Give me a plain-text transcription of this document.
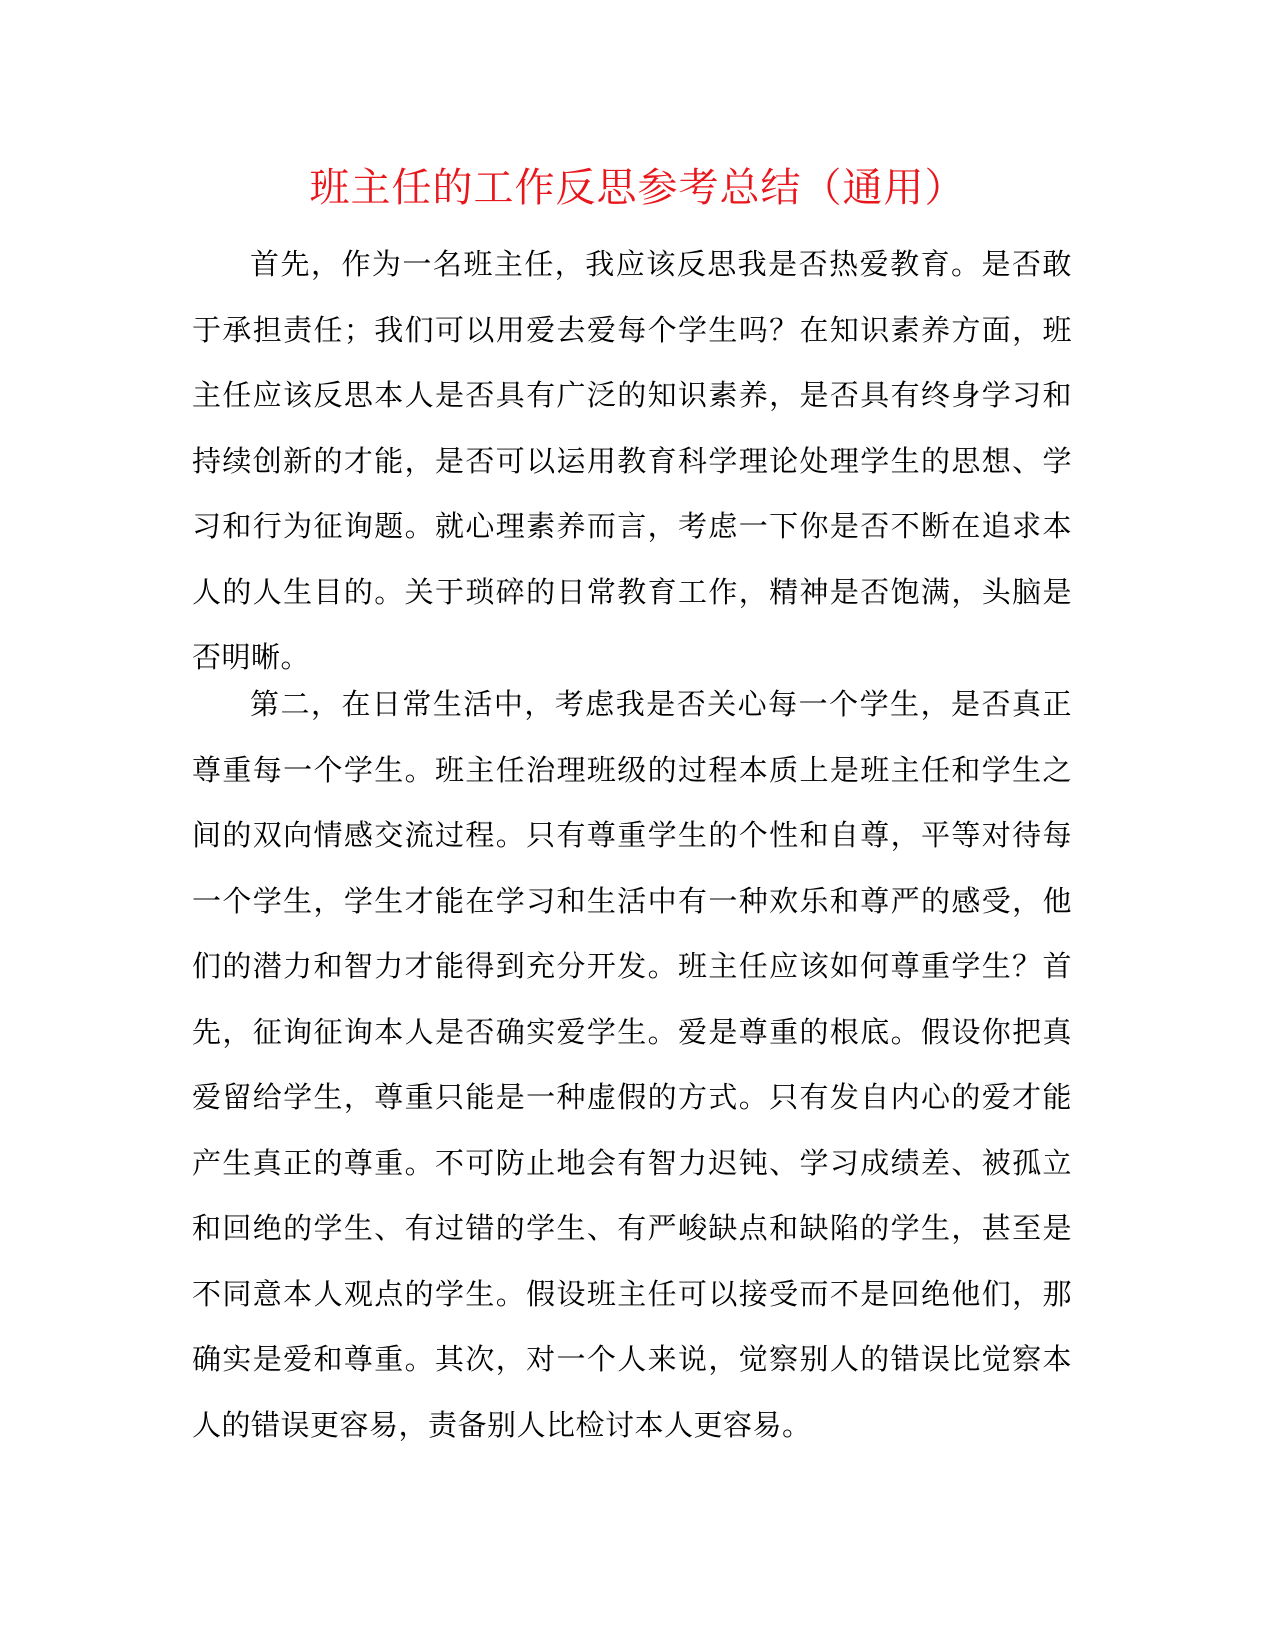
班主任的工作反思参考总结（通用）

首先，作为一名班主任，我应该反思我是否热爱教育。是否敢于承担责任；我们可以用爱去爱每个学生吗？在知识素养方面，班主任应该反思本人是否具有广泛的知识素养，是否具有终身学习和持续创新的才能，是否可以运用教育科学理论处理学生的思想、学习和行为征询题。就心理素养而言，考虑一下你是否不断在追求本人的人生目的。关于琐碎的日常教育工作，精神是否饱满，头脑是否明晰。

第二，在日常生活中，考虑我是否关心每一个学生，是否真正尊重每一个学生。班主任治理班级的过程本质上是班主任和学生之间的双向情感交流过程。只有尊重学生的个性和自尊，平等对待每一个学生，学生才能在学习和生活中有一种欢乐和尊严的感受，他们的潜力和智力才能得到充分开发。班主任应该如何尊重学生？首先，征询征询本人是否确实爱学生。爱是尊重的根底。假设你把真爱留给学生，尊重只能是一种虚假的方式。只有发自内心的爱才能产生真正的尊重。不可防止地会有智力迟钝、学习成绩差、被孤立和回绝的学生、有过错的学生、有严峻缺点和缺陷的学生，甚至是不同意本人观点的学生。假设班主任可以接受而不是回绝他们，那确实是爱和尊重。其次，对一个人来说，觉察别人的错误比觉察本人的错误更容易，责备别人比检讨本人更容易。
